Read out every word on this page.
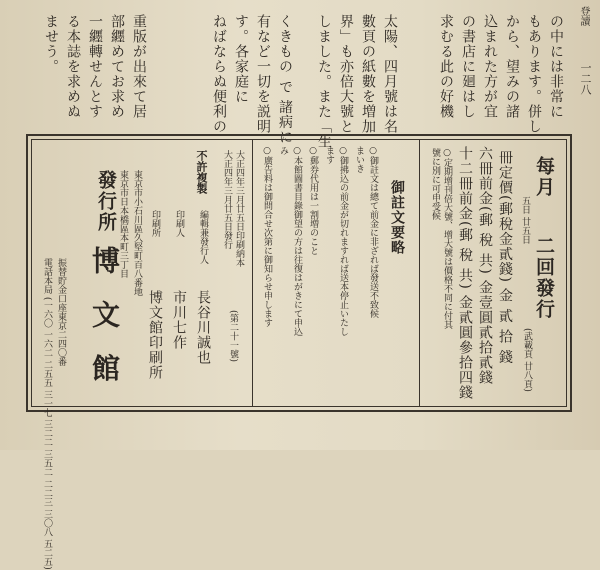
登讀
一二八
の中には非常に
もあります。併し
から、望みの諸
込まれた方が宜
の書店に廻はし
求むる此の好機
太陽、四月號は名
數頁の紙數を増加
界」も亦倍大號と
しました。また「生
くきもの で 諸病に
有など一切を説明
す。各家庭に
ねばならぬ便利の
重版が出來て居
部纒めてお求め
一纒轉せんとす
る本誌を求めぬ
ませう。
每月
五日 廿五日
二回發行
(武載頁 廿八頁)
冊定價(郵稅金貳錢) 金 貳 拾 錢
六冊前金(郵 稅 共) 金壹圓貳拾貳錢
十二冊前金(郵 稅 共) 金貳圓參拾四錢
○定期增刊倍大號、增大號は價格不同に付其
號に別に可申受候
御註文要略
○御註文は總て前金に非ざれば發送不致候
まいき
○御拂込の前金が切れますれば送本停止いたし
ます
○郵券代用は一割増のこと
○本館圖書目錄御望の方は往復はがきにて申込
み
○廣告料は御問合せ次第に御知らせ申します
大正四年三月廿五日印刷納本
大正四年三月廿五日發行
(第二十一號)
不許複製
編輯兼發行人
長谷川誠也
印刷人
市川七作
印刷所
博文館印刷所
東京市小石川區久堅町百八番地
東京市日本橋區本町三丁目
發行所
博 文 館
振替貯金口座東京二四〇番
電話本局 (一六〇 一六二 二五五 三一七 三二二 三五二 二二三 三〇八 五二五)
